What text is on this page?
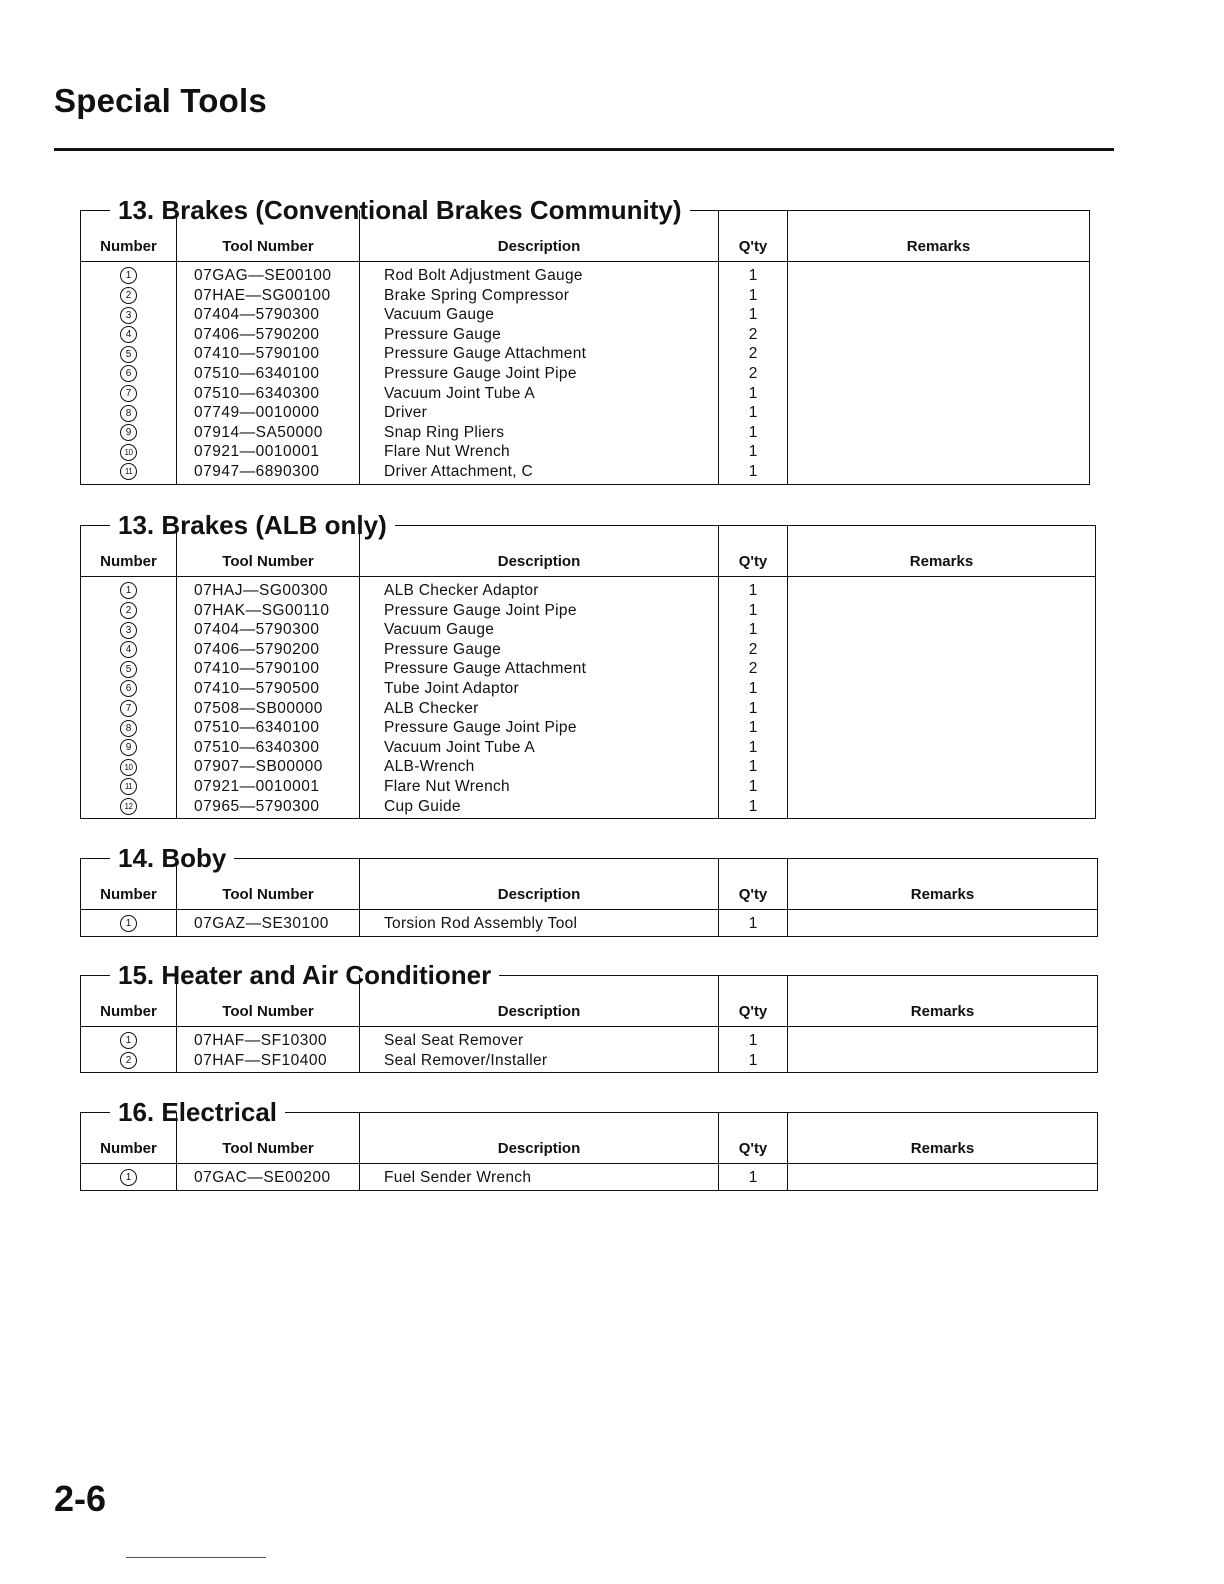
Special Tools
13. Brakes (Conventional Brakes Community)
Number	Tool Number	Description	Q'ty	Remarks
1	07GAG—SE00100	Rod Bolt Adjustment Gauge	1	
2	07HAE—SG00100	Brake Spring Compressor	1	
3	07404—5790300	Vacuum Gauge	1	
4	07406—5790200	Pressure Gauge	2	
5	07410—5790100	Pressure Gauge Attachment	2	
6	07510—6340100	Pressure Gauge Joint Pipe	2	
7	07510—6340300	Vacuum Joint Tube A	1	
8	07749—0010000	Driver	1	
9	07914—SA50000	Snap Ring Pliers	1	
10	07921—0010001	Flare Nut Wrench	1	
11	07947—6890300	Driver Attachment, C	1	
13. Brakes (ALB only)
Number	Tool Number	Description	Q'ty	Remarks
1	07HAJ—SG00300	ALB Checker Adaptor	1	
2	07HAK—SG00110	Pressure Gauge Joint Pipe	1	
3	07404—5790300	Vacuum Gauge	1	
4	07406—5790200	Pressure Gauge	2	
5	07410—5790100	Pressure Gauge Attachment	2	
6	07410—5790500	Tube Joint Adaptor	1	
7	07508—SB00000	ALB Checker	1	
8	07510—6340100	Pressure Gauge Joint Pipe	1	
9	07510—6340300	Vacuum Joint Tube A	1	
10	07907—SB00000	ALB-Wrench	1	
11	07921—0010001	Flare Nut Wrench	1	
12	07965—5790300	Cup Guide	1	
14. Boby
Number	Tool Number	Description	Q'ty	Remarks
1	07GAZ—SE30100	Torsion Rod Assembly Tool	1	
15. Heater and Air Conditioner
Number	Tool Number	Description	Q'ty	Remarks
1	07HAF—SF10300	Seal Seat Remover	1	
2	07HAF—SF10400	Seal Remover/Installer	1	
16. Electrical
Number	Tool Number	Description	Q'ty	Remarks
1	07GAC—SE00200	Fuel Sender Wrench	1	
2-6
